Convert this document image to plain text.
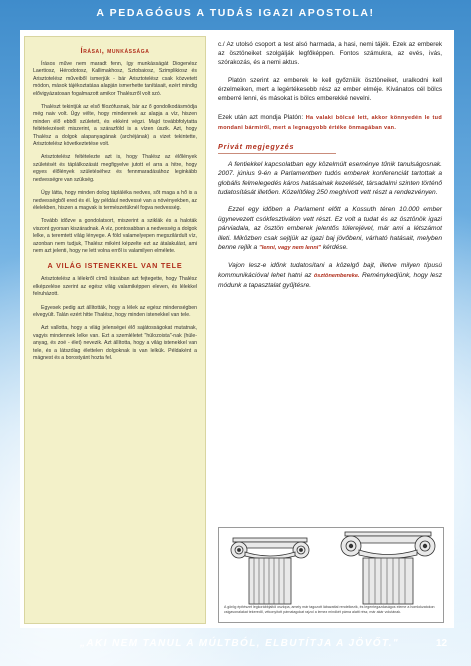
A PEDAGÓGUS A TUDÁS IGAZI APOSTOLA!
Írásai, munkássága

Írásos műve nem maradt fenn, így munkásságát Diogenész Laertiosz, Hérodotosz, Kallimakhosz, Sztobaiosz, Szimplikiosz és Arisztotelész műveiből ismerjük - bár Arisztotelész csak közvetett módon, mások tájékoztatása alapján ismerhette tanításait, ezért mindig elővigyázatosan fogalmazott amikor Thalészről volt szó.

Thalészt tekintjük az első filozófusnak, bár az ő gondolkodásmódja még naiv volt. Úgy vélte, hogy mindennek az alapja a víz, hiszen minden élő ebből született, és ekként végzi. Majd továbbfolytatta feltételezéseit miszerint, a szárazföld is a vízen úszik. Azt, hogy Thalész a dolgok alapanyagának (archéjának) a vizet tekintette, Arisztotelész következtetése volt.

Arisztotelész feltételezte azt is, hogy Thalész az élőlények születését és táplálkozását megfigyelve jutott el arra a hitre, hogy egyes élőlények születéséhez és fennmaradásához leginkább nedvességre van szükség.

Úgy látta, hogy minden dolog táplálékа nedves, sőt maga a hő is a nedvességből ered és él. Így például nedvessé van a növényekben, az élelekben, hiszen a magvak is természetüknél fogva nedvesség.

Tovább időzve a gondolatsort, miszerint a sziklák és a haloták viszont gyorsan kiszáradnak. A víz, pontosabban a nedvesség a dolgok lelke, a teremtett világ lényege. A föld valamelyepen megszilárdult víz, azonban nem tudjuk, Thalész miként képzelte ezt az átalakulást, ami nem azt jelenti, hogy ne lett volna erről is valamilyen elmélete.

A VILÁG ISTENEKKEL VAN TELE

Arisztotelész a lélekről című írásában azt fejtegette, hogy Thalész elképzelése szerint az egész világ valamiképpen eleven, és lélekkel felruházott.

Egyesek pedig azt állították, hogy a lélek az egész mindenségben elvegyült. Talán ezért hitte Thalész, hogy minden istenekkel van tele.

Azt vallotta, hogy a világ jelenségei élő sajátosságokat mutatnak, vagyis mindennek lelke van. Ezt a szemléletet "hülozoista"-nak (hüle-anyag, és zoé - élet) nevezik. Azt állította, hogy a világ istenekkel van tele, és a látszólag élettelen dolgoknak is van lelkük. Példaként a mágnest és a borostyánt hozta fel.

c./ Az utolsó csoport a test alsó harmada, a hasi, nemi tájék. Ezek az emberek az ösztöneiket szolgálják legfőképpen. Fontos számukra, az evés, ivás, szórakozás, és a nemi aktus.

Platón szerint az emberek le kell győzniük ösztöneiket, uralkodni kell érzelmeiken, mert a legértékesebb rész az ember elméje. Kívánatos cél bölcs emberré lenni, és másokat is bölcs emberekké nevelni.

Ezek után azt mondja Platón: Ha valaki bölcsé lett, akkor könnyedén le tud mondani bármiről, mert a legnagyobb értéke önmagában van.

Privát megjegyzés

A fentiekkel kapcsolatban egy közelmúlt eseménye tűnik tanulságosnak. 2007. június 9-én a Parlamentben tudós emberek konferenciát tartottak a globális felmelegedés káros hatásainak kezelését, társadalmi szinten történő tudatosítását illetően. Közelítőleg 250 meghívott vett részt a rendezvényen.

Ezzel egy időben a Parlament előtt a Kossuth téren 10.000 ember ügynevezett csókfesztiválon vett részt. Ez volt a tudat és az ösztönök igazi párviadala, az ösztön emberek jelentős túlerejével, már ami a létszámot illeti. Miközben csak sejtjük az igazi baj jövőbeni, várható hatásait, melyben benne rejlik a "lenni, vagy nem lenni" kérdése.

Vajon lesz-e időnk tudatosítani a közelgő bajt, illetve milyen típusú kommunikációval lehet hatni az ösztönembereke. Reménykedjünk, hogy lesz módunk a tapasztalat gyűjtésre.

A görög építészet legkorábbjaitól oszlopa, amely már tagozott lábazattal rendelkezik, és legentegazdaságos eleme a homlokzatokon csigavonalakat tekeredő, vékonyított párnatagokat rajzol a lemez mindkét párna alatti rész, már akár volutának.
„AKI NEM TANUL A MÚLTBÓL, ELBUTÍTJA A JÖVŐT."	12
